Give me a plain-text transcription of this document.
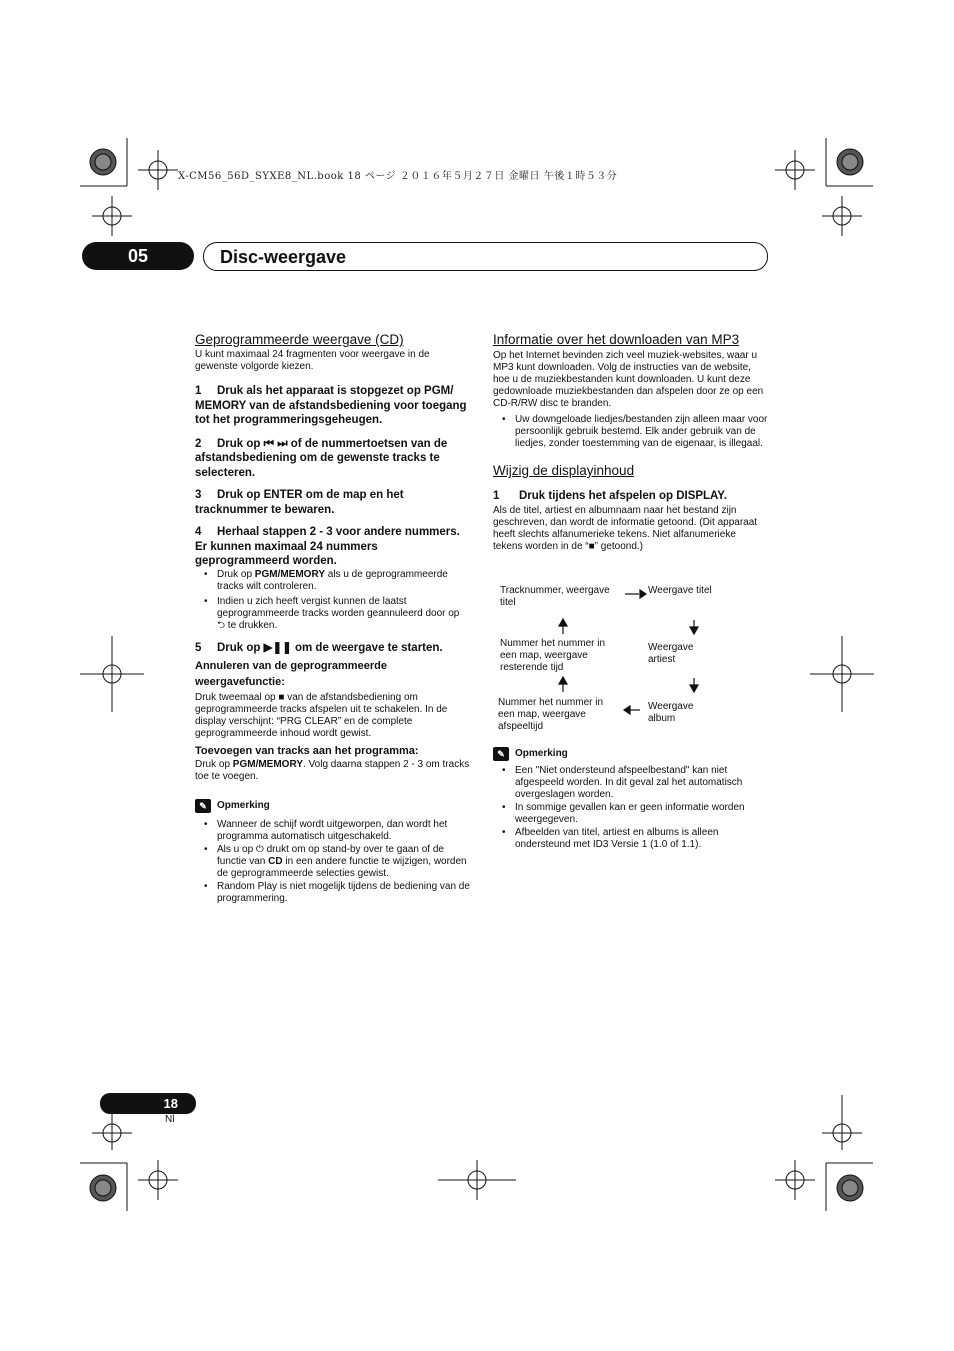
X-CM56_56D_SYXE8_NL.book 18 ページ ２０１６年５月２７日 金曜日 午後１時５３分
05	Disc-weergave
Geprogrammeerde weergave (CD)

U kunt maximaal 24 fragmenten voor weergave in de gewenste volgorde kiezen.

1 Druk als het apparaat is stopgezet op PGM/ MEMORY van de afstandsbediening voor toegang tot het programmeringsgeheugen.

2 Druk op ⏮ ⏭ of de nummertoetsen van de afstandsbediening om de gewenste tracks te selecteren.

3 Druk op ENTER om de map en het tracknummer te bewaren.

4 Herhaal stappen 2 - 3 voor andere nummers. Er kunnen maximaal 24 nummers geprogrammeerd worden.

• Druk op PGM/MEMORY als u de geprogrammeerde tracks wilt controleren.
• Indien u zich heeft vergist kunnen de laatst geprogrammeerde tracks worden geannuleerd door op
⮌ te drukken.

5 Druk op ▶❚❚ om de weergave te starten.

Annuleren van de geprogrammeerde weergavefunctie:

Druk tweemaal op ■ van de afstandsbediening om geprogrammeerde tracks afspelen uit te schakelen. In de display verschijnt: “PRG CLEAR” en de complete geprogrammeerde inhoud wordt gewist.

Toevoegen van tracks aan het programma:

Druk op PGM/MEMORY. Volg daarna stappen 2 - 3 om tracks toe te voegen.

✎	Opmerking
• Wanneer de schijf wordt uitgeworpen, dan wordt het programma automatisch uitgeschakeld.
• Als u op ⏻ drukt om op stand-by over te gaan of de functie van CD in een andere functie te wijzigen, worden de geprogrammeerde selecties gewist.
• Random Play is niet mogelijk tijdens de bediening van de programmering.
Informatie over het downloaden van MP3

Op het Internet bevinden zich veel muziek-websites, waar u MP3 kunt downloaden. Volg de instructies van de website, hoe u de muziekbestanden kunt downloaden. U kunt deze gedownloade muziekbestanden dan afspelen door ze op een CD-R/RW disc te branden.

• Uw downgeloade liedjes/bestanden zijn alleen maar voor persoonlijk gebruik bestemd. Elk ander gebruik van de liedjes, zonder toestemming van de eigenaar, is illegaal.
Wijzig de displayinhoud

1 Druk tijdens het afspelen op DISPLAY.

Als de titel, artiest en albumnaam naar het bestand zijn geschreven, dan wordt de informatie getoond. (Dit apparaat heeft slechts alfanumerieke tekens. Niet alfanumerieke tekens worden in de “■” getoond.)

Tracknummer, weergave titel
Weergave titel
Nummer het nummer in een map, weergave resterende tijd
Weergave artiest
Nummer het nummer in een map, weergave afspeeltijd
Weergave album
✎	Opmerking
• Een "Niet ondersteund afspeelbestand" kan niet afgespeeld worden. In dit geval zal het automatisch overgeslagen worden.
• In sommige gevallen kan er geen informatie worden weergegeven.
• Afbeelden van titel, artiest en albums is alleen ondersteund met ID3 Versie 1 (1.0 of 1.1).
18
Nl
